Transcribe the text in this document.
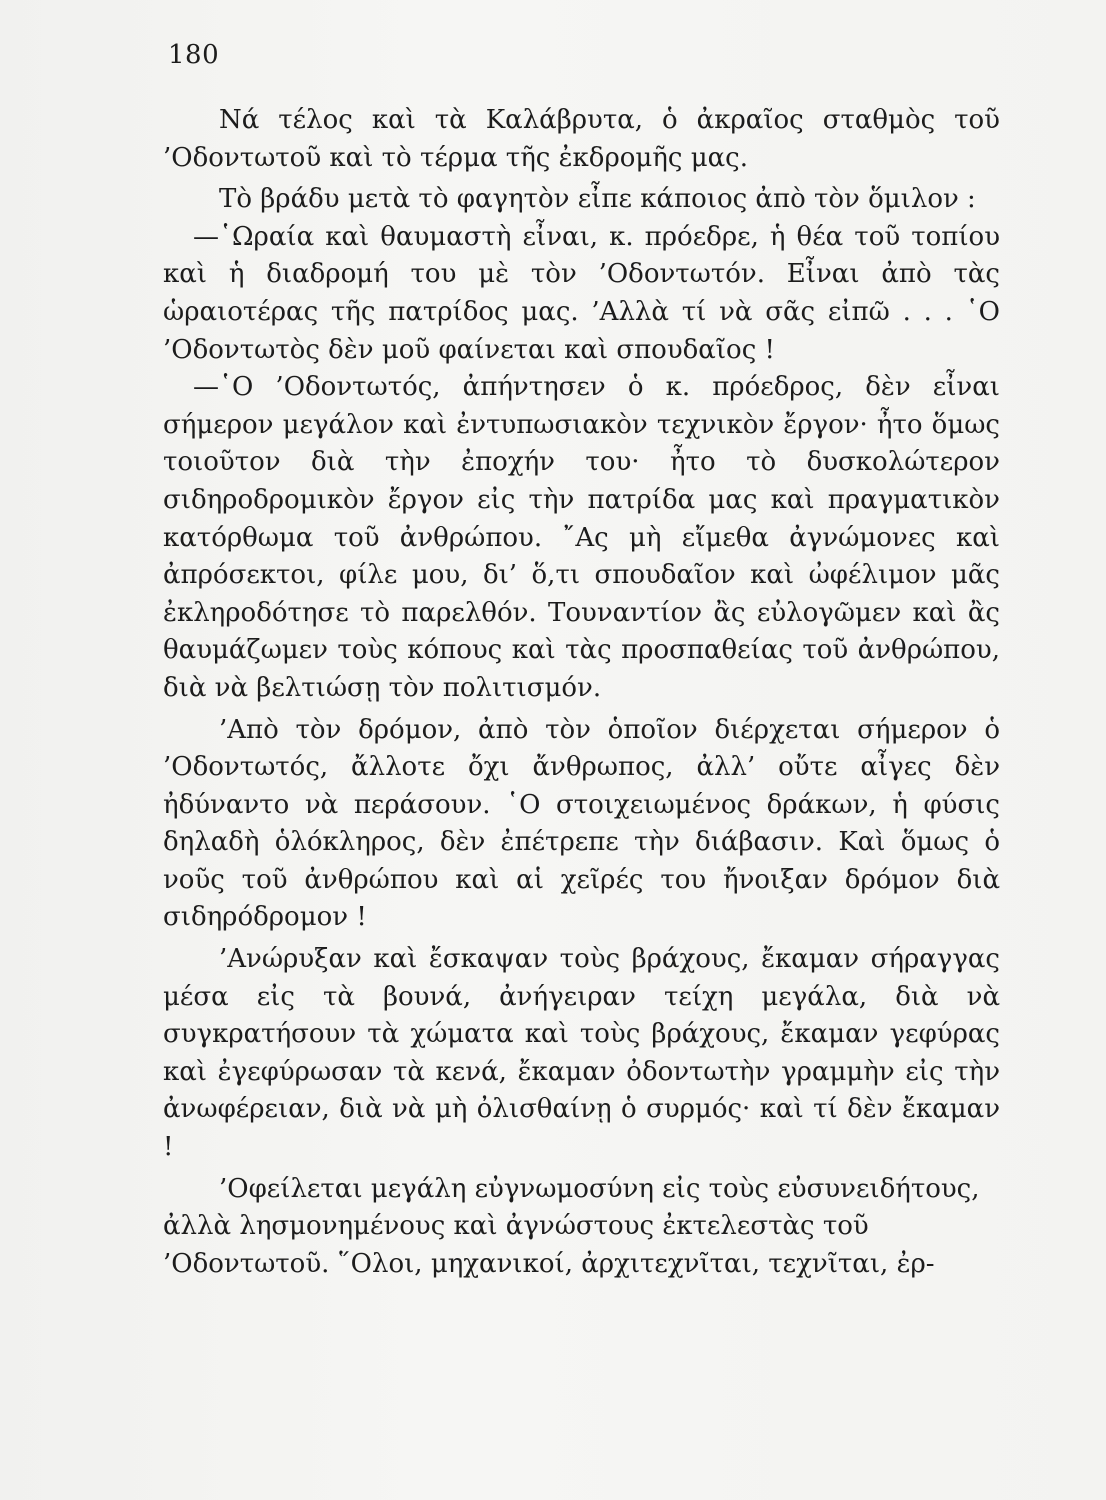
180

Νά τέλος καὶ τὰ Καλάβρυτα, ὁ ἀκραῖος σταθμὸς τοῦ ’Οδοντωτοῦ καὶ τὸ τέρμα τῆς ἐκδρομῆς μας.

Τὸ βράδυ μετὰ τὸ φαγητὸν εἶπε κάποιος ἀπὸ τὸν ὅμιλον :

—῾Ωραία καὶ θαυμαστὴ εἶναι, κ. πρόεδρε, ἡ θέα τοῦ τοπίου καὶ ἡ διαδρομή του μὲ τὸν ’Οδοντωτόν. Εἶναι ἀπὸ τὰς ὡραιοτέρας τῆς πατρίδος μας. ’Αλλὰ τί νὰ σᾶς εἰπῶ . . . ῾Ο ’Οδοντωτὸς δὲν μοῦ φαίνεται καὶ σπουδαῖος !

—῾Ο ’Οδοντωτός, ἀπήντησεν ὁ κ. πρόεδρος, δὲν εἶναι σήμερον μεγάλον καὶ ἐντυπωσιακὸν τεχνικὸν ἔργον· ἦτο ὅμως τοιοῦτον διὰ τὴν ἐποχήν του· ἦτο τὸ δυσκολώτερον σιδηροδρομικὸν ἔργον εἰς τὴν πατρίδα μας καὶ πραγματικὸν κατόρθωμα τοῦ ἀνθρώπου. ῎Ας μὴ εἴμεθα ἀγνώμονες καὶ ἀπρόσεκτοι, φίλε μου, δι’ ὅ,τι σπουδαῖον καὶ ὠφέλιμον μᾶς ἐκληροδότησε τὸ παρελθόν. Τουναντίον ἂς εὐλογῶμεν καὶ ἂς θαυμάζωμεν τοὺς κόπους καὶ τὰς προσπαθείας τοῦ ἀνθρώπου, διὰ νὰ βελτιώσῃ τὸν πολιτισμόν.

’Απὸ τὸν δρόμον, ἀπὸ τὸν ὁποῖον διέρχεται σήμερον ὁ ’Οδοντωτός, ἄλλοτε ὄχι ἄνθρωπος, ἀλλ’ οὔτε αἶγες δὲν ἠδύναντο νὰ περάσουν. ῾Ο στοιχειωμένος δράκων, ἡ φύσις δηλαδὴ ὁλόκληρος, δὲν ἐπέτρεπε τὴν διάβασιν. Καὶ ὅμως ὁ νοῦς τοῦ ἀνθρώπου καὶ αἱ χεῖρές του ἤνοιξαν δρόμον διὰ σιδηρόδρομον !

’Ανώρυξαν καὶ ἔσκαψαν τοὺς βράχους, ἔκαμαν σήραγγας μέσα εἰς τὰ βουνά, ἀνήγειραν τείχη μεγάλα, διὰ νὰ συγκρατήσουν τὰ χώματα καὶ τοὺς βράχους, ἔκαμαν γεφύρας καὶ ἐγεφύρωσαν τὰ κενά, ἔκαμαν ὀδοντωτὴν γραμμὴν εἰς τὴν ἀνωφέρειαν, διὰ νὰ μὴ ὀλισθαίνῃ ὁ συρμός· καὶ τί δὲν ἔκαμαν !

’Οφείλεται μεγάλη εὐγνωμοσύνη εἰς τοὺς εὐσυνειδήτους, ἀλλὰ λησμονημένους καὶ ἀγνώστους ἐκτελεστὰς τοῦ ’Οδοντωτοῦ. ῞Ολοι, μηχανικοί, ἀρχιτεχνῖται, τεχνῖται, ἐρ-
